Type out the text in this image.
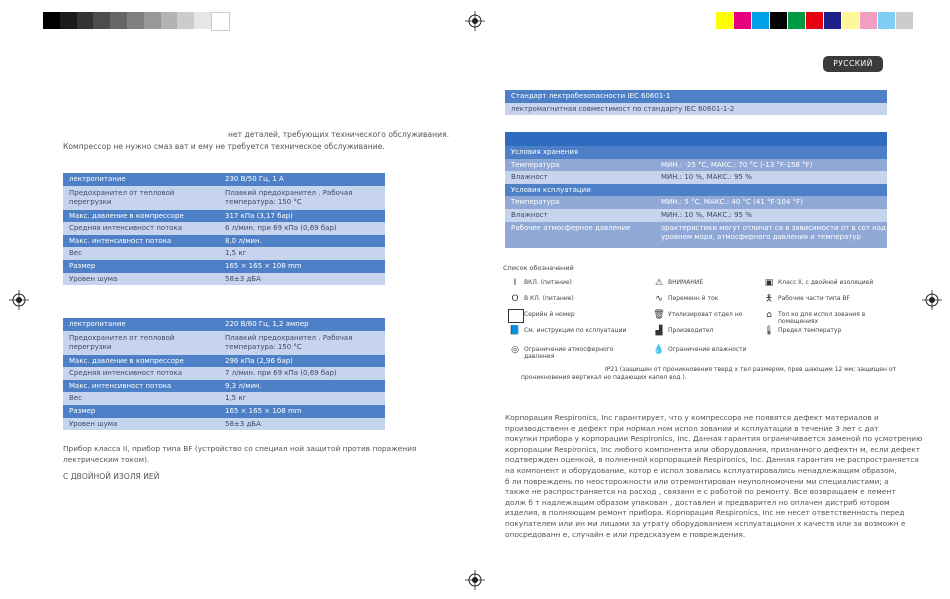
РУССКИЙ
нет деталей, требующих технического обслуживания.
Компрессор не нужно смаз ват и ему не требуется техническое обслуживание.
лектропитание	230 В/50 Гц, 1 А
Предохранител от тепловой перегрузки	Плавкий предохранител . Рабочая температура: 150 °C
Макс. давление в компрессоре	317 кПа (3,17 бар)
Средняя интенсивност потока	6 л/мин. при 69 кПа (0,69 бар)
Макс. интенсивност потока	8,0 л/мин.
Вес	1,5 кг
Размер	165 × 165 × 108 mm
Уровен шума	58±3 дБА
лектропитание	220 В/60 Гц, 1,2 ампер
Предохранител от тепловой перегрузки	Плавкий предохранител . Рабочая температура: 150 °C
Макс. давление в компрессоре	296 кПа (2,96 бар)
Средняя интенсивност потока	7 л/мин. при 69 кПа (0,69 бар)
Макс. интенсивност потока	9,3 л/мин.
Вес	1,5 кг
Размер	165 × 165 × 108 mm
Уровен шума	58±3 дБА
Прибор класса II, прибор типа BF (устройство со специал ной защитой против поражения
лектрическим током).
С ДВОЙНОЙ ИЗОЛЯ ИЕЙ
Стандарт лектробезопасности IEC 60601-1
лектромагнитная совместимост по стандарту IEC 60601-1-2
Условия хранения	
Температура	МИН.: -25 °C, МАКС.: 70 °C (-13 °F-158 °F)
Влажност	МИН.: 10 %, МАКС.: 95 %
Условия ксплуатации	
Температура	МИН.: 5 °C, МАКС.: 40 °C (41 °F-104 °F)
Влажност	МИН.: 10 %, МАКС.: 95 %
Рабочее атмосферное давление	арактеристики могут отличат ся в зависимости от в сот над уровнем моря, атмосферного давления и температур
Список обозначений
I	ВКЛ. (питание)	⚠ ВНИМАНИЕ	▣ Класс II, с двойной изоляцией
O В КЛ. (питание)	∿ Переменн й ток	🯅 Рабочие части типа BF
SN Серийн й номер	🗑 Утилизироват отдел но	⌂	Тол ко для испол зования в помещениях
📘 См. инструкции по ксплуатации	▟ Производител	🌡 Предел температур
◎ Ограничение атмосферного давления
💧 Ограничение влажности
IP21 (защищен от проникновения тверд х тел размером, прев шающим 12 мм; защищен от
проникновения вертикал но падающих капел вод ).
Корпорация Respironics, Inc гарантирует, что у компрессора не появятся дефект материалов и
производственн е дефект при нормал ном испол зовании и ксплуатации в течение 3 лет с дат
покупки прибора у корпорации Respironics, Inc. Данная гарантия ограничивается заменой по усмотрению
корпорации Respironics, Inc любого компонента или оборудования, признанного дефектн м, если дефект
подтвержден оценкой, в полненной корпорацией Respironics, Inc. Данная гарантия не распространяется
на компонент и оборудование, котор е испол зовались ксплуатировались ненадлежащим образом,
б ли повреждень по неосторожности или отремонтирован неуполномочени ми специалистами; а
также не распространяется на расход , связанн е с работой по ремонту. Все возвращаем е лемент
долж б т надлежащим образом упакован , доставлен и предварител но оплачен дистриб ютором
изделия, в полняющим ремонт прибора. Корпорация Respironics, Inc не несет ответственность перед
покупателем или ин ми лицами за утрату оборудованием ксплуатационн х качеств или за возможн е
опосредованн е, случайн е или предсказуем е повреждения.
